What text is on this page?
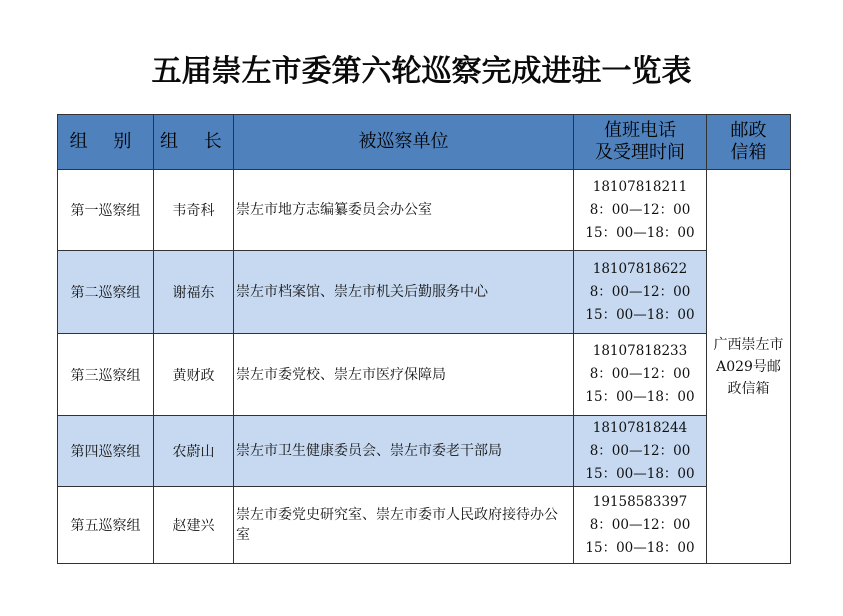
五届崇左市委第六轮巡察完成进驻一览表
组 别	组 长	被巡察单位	值班电话
及受理时间	邮政
信箱

第一巡察组	韦奇科	崇左市地方志编纂委员会办公室	18107818211
8：00—12：00
15：00—18：00	广西崇左市A029号邮政信箱
第二巡察组	谢福东	崇左市档案馆、崇左市机关后勤服务中心	18107818622
8：00—12：00
15：00—18：00	

第三巡察组	黄财政	崇左市委党校、崇左市医疗保障局	18107818233
8：00—12：00
15：00—18：00	

第四巡察组	农蔚山	崇左市卫生健康委员会、崇左市委老干部局	18107818244
8：00—12：00
15：00—18：00	

第五巡察组	赵建兴	崇左市委党史研究室、崇左市委市人民政府接待办公室	19158583397
8：00—12：00
15：00—18：00	
